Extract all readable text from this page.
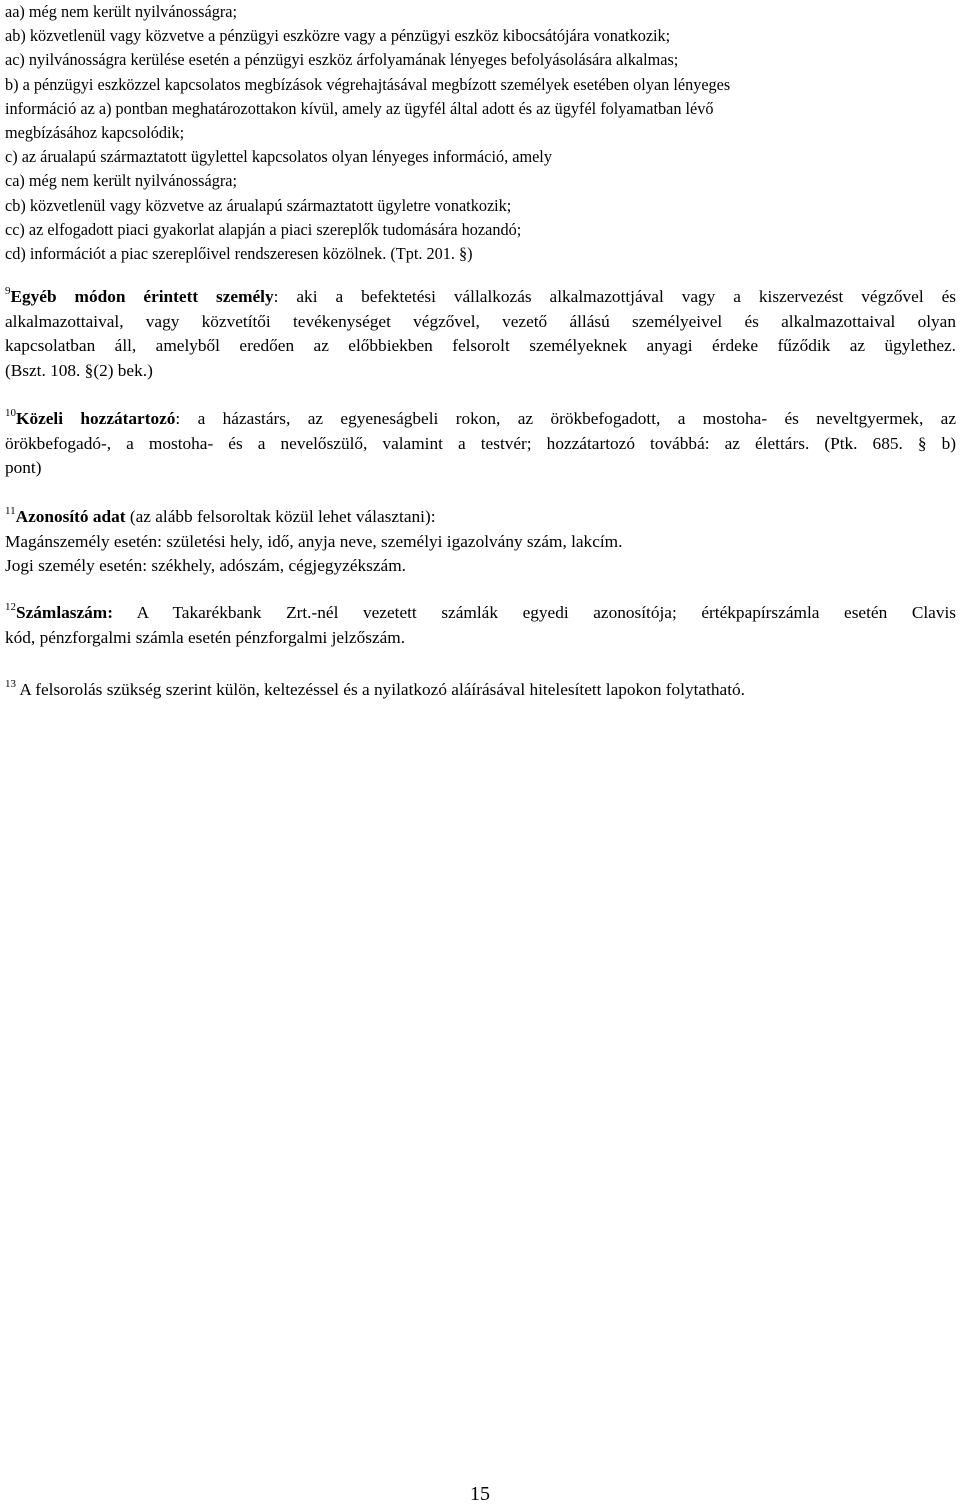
aa) még nem került nyilvánosságra;
ab) közvetlenül vagy közvetve a pénzügyi eszközre vagy a pénzügyi eszköz kibocsátójára vonatkozik;
ac) nyilvánosságra kerülése esetén a pénzügyi eszköz árfolyamának lényeges befolyásolására alkalmas;
b) a pénzügyi eszközzel kapcsolatos megbízások végrehajtásával megbízott személyek esetében olyan lényeges
információ az a) pontban meghatározottakon kívül, amely az ügyfél által adott és az ügyfél folyamatban lévő
megbízásához kapcsolódik;
c) az árualapú származtatott ügylettel kapcsolatos olyan lényeges információ, amely
ca) még nem került nyilvánosságra;
cb) közvetlenül vagy közvetve az árualapú származtatott ügyletre vonatkozik;
cc) az elfogadott piaci gyakorlat alapján a piaci szereplők tudomására hozandó;
cd) információt a piac szereplőivel rendszeresen közölnek. (Tpt. 201. §)
$^9$Egyéb módon érintett személy: aki a befektetési vállalkozás alkalmazottjával vagy a kiszervezést végzővel és
alkalmazottaival, vagy közvetítői tevékenységet végzővel, vezető állású személyeivel és alkalmazottaival olyan
kapcsolatban áll, amelyből eredően az előbbiekben felsorolt személyeknek anyagi érdeke fűződik az ügylethez.
(Bszt. 108. §(2) bek.)
$^{10}$Közeli hozzátartozó: a házastárs, az egyeneságbeli rokon, az örökbefogadott, a mostoha- és neveltgyermek, az
örökbefogadó-, a mostoha- és a nevelőszülő, valamint a testvér; hozzátartozó továbbá: az élettárs. (Ptk. 685. § b)
pont)
$^{11}$Azonosító adat (az alább felsoroltak közül lehet választani):
Magánszemély esetén: születési hely, idő, anyja neve, személyi igazolvány szám, lakcím.
Jogi személy esetén: székhely, adószám, cégjegyzékszám.
$^{12}$Számlaszám: A Takarékbank Zrt.-nél vezetett számlák egyedi azonosítója; értékpapírszámla esetén Clavis
kód, pénzforgalmi számla esetén pénzforgalmi jelzőszám.
$^{13}$ A felsorolás szükség szerint külön, keltezéssel és a nyilatkozó aláírásával hitelesített lapokon folytatható.
15
